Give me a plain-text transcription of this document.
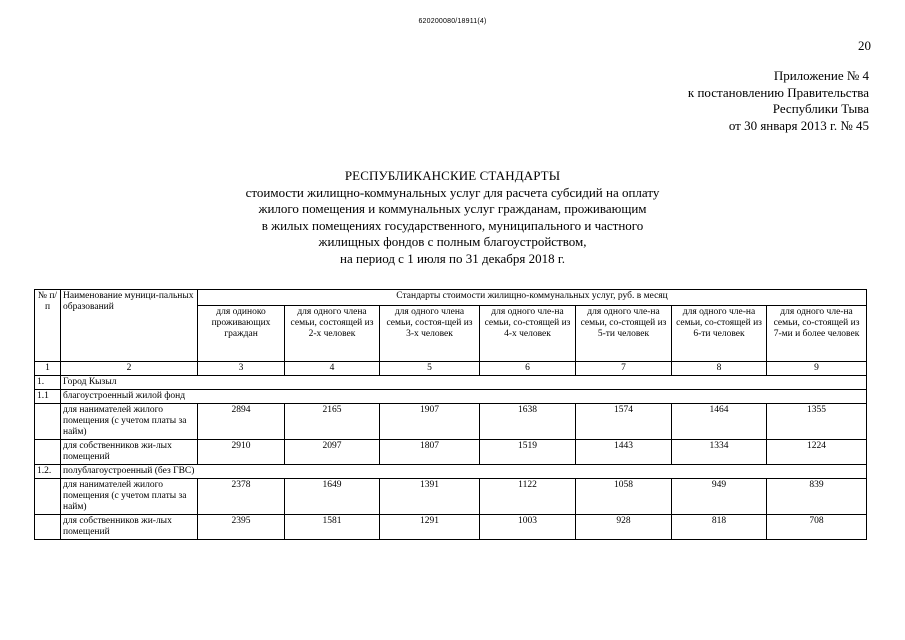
620200080/18911(4)
20
Приложение № 4
к постановлению Правительства
Республики Тыва
от 30 января 2013 г. № 45
РЕСПУБЛИКАНСКИЕ СТАНДАРТЫ
стоимости жилищно-коммунальных услуг для расчета субсидий на оплату
жилого помещения и коммунальных услуг гражданам, проживающим
в жилых помещениях государственного, муниципального и частного
жилищных фондов с полным благоустройством,
на период с 1 июля по 31 декабря 2018 г.
№ п/п	Наименование муници-пальных образований	Стандарты стоимости жилищно-коммунальных услуг, руб. в месяц						
		для одиноко проживающих граждан	для одного члена семьи, состоящей из 2-х человек	для одного члена семьи, состоя-щей из 3-х человек	для одного чле-на семьи, со-стоящей из 4-х человек	для одного чле-на семьи, со-стоящей из 5-ти человек	для одного чле-на семьи, со-стоящей из 6-ти человек	для одного чле-на семьи, со-стоящей из 7-ми и более человек
1	2	3	4	5	6	7	8	9
1.	Город Кызыл							
1.1	благоустроенный жилой фонд							
	для нанимателей жилого помещения (с учетом платы за найм)	2894	2165	1907	1638	1574	1464	1355
	для собственников жи-лых помещений	2910	2097	1807	1519	1443	1334	1224
1.2.	полублагоустроенный (без ГВС)							
	для нанимателей жилого помещения (с учетом платы за найм)	2378	1649	1391	1122	1058	949	839
	для собственников жи-лых помещений	2395	1581	1291	1003	928	818	708
